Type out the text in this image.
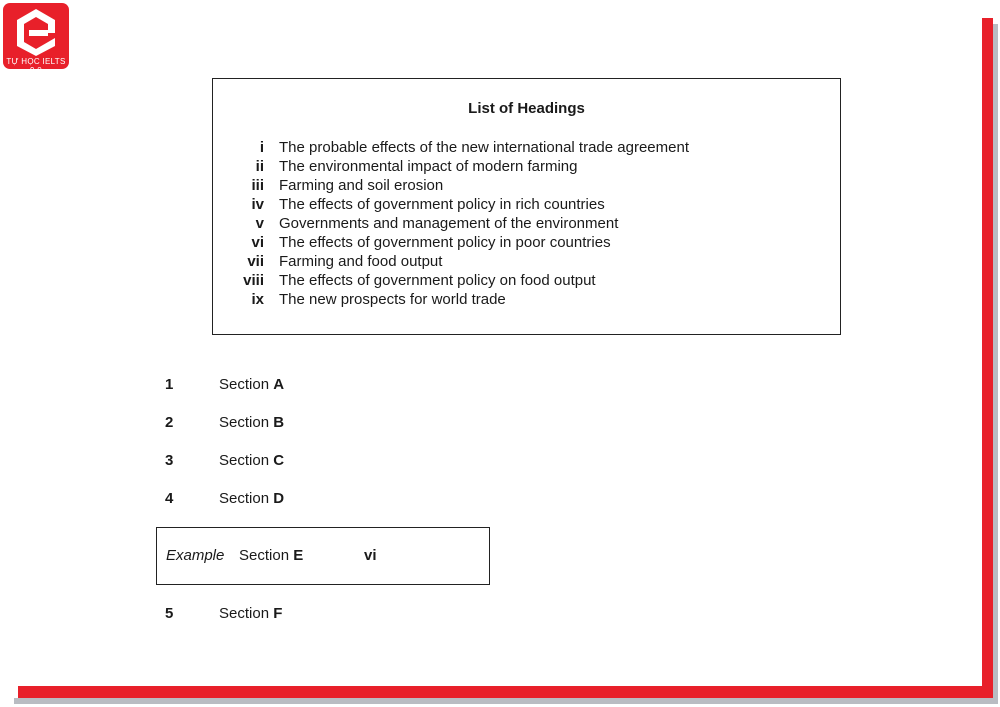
TỰ HỌC IELTS 9.0
List of Headings
i The probable effects of the new international trade agreement
ii The environmental impact of modern farming
iii Farming and soil erosion
iv The effects of government policy in rich countries
v Governments and management of the environment
vi The effects of government policy in poor countries
vii Farming and food output
viii The effects of government policy on food output
ix The new prospects for world trade
1	Section A
2	Section B
3	Section C
4	Section D
5	Section F
Example Section E	vi
